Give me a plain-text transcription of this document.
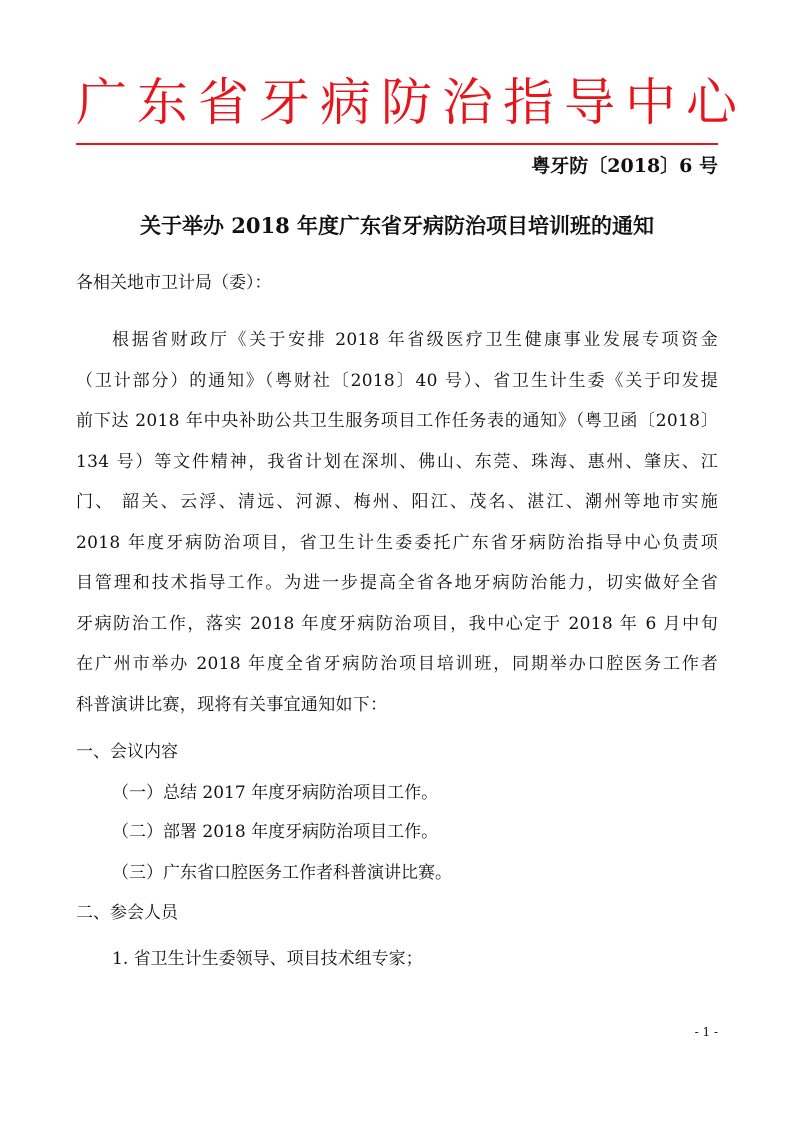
广东省牙病防治指导中心
粤牙防〔2018〕6 号
关于举办 2018 年度广东省牙病防治项目培训班的通知
各相关地市卫计局（委）：
根据省财政厅《关于安排 2018 年省级医疗卫生健康事业发展专项资金
（卫计部分）的通知》（粤财社〔2018〕40 号）、省卫生计生委《关于印发提
前下达 2018 年中央补助公共卫生服务项目工作任务表的通知》（粤卫函〔2018〕
134 号）等文件精神，我省计划在深圳、佛山、东莞、珠海、惠州、肇庆、江
门、 韶关、云浮、清远、河源、梅州、阳江、茂名、湛江、潮州等地市实施
2018 年度牙病防治项目，省卫生计生委委托广东省牙病防治指导中心负责项
目管理和技术指导工作。为进一步提高全省各地牙病防治能力，切实做好全省
牙病防治工作，落实 2018 年度牙病防治项目，我中心定于 2018 年 6 月中旬
在广州市举办 2018 年度全省牙病防治项目培训班，同期举办口腔医务工作者
科普演讲比赛，现将有关事宜通知如下：
一、会议内容
（一）总结 2017 年度牙病防治项目工作。
（二）部署 2018 年度牙病防治项目工作。
（三）广东省口腔医务工作者科普演讲比赛。
二、参会人员
1. 省卫生计生委领导、项目技术组专家；
- 1 -
